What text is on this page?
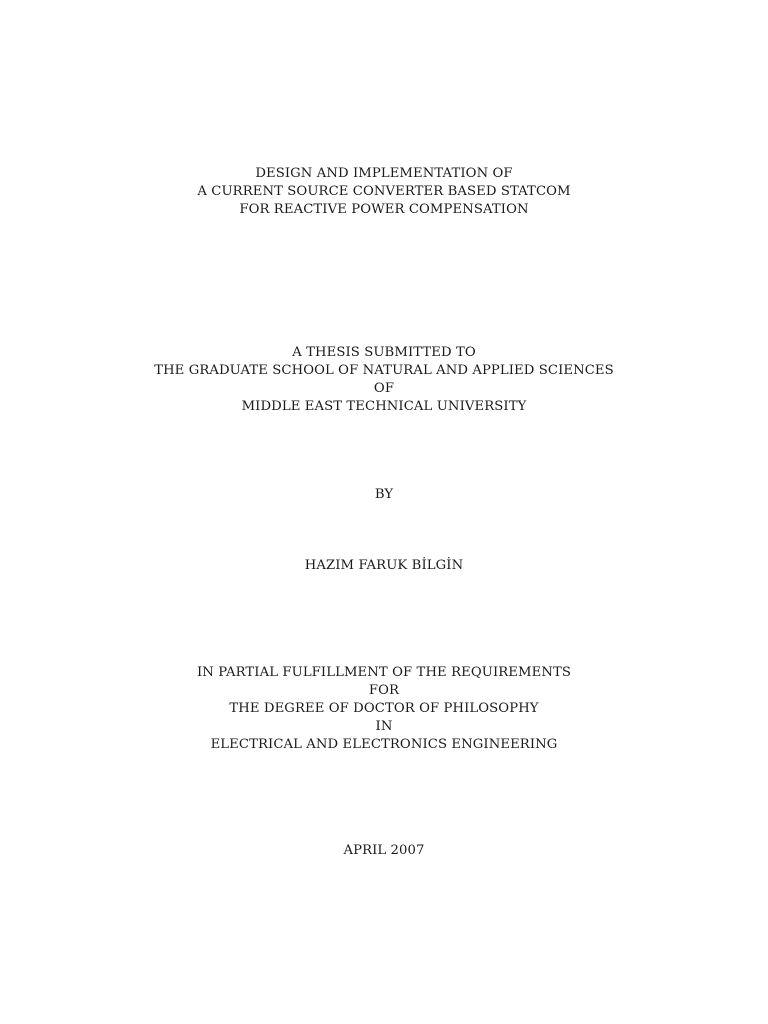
DESIGN AND IMPLEMENTATION OF
A CURRENT SOURCE CONVERTER BASED STATCOM
FOR REACTIVE POWER COMPENSATION
A THESIS SUBMITTED TO
THE GRADUATE SCHOOL OF NATURAL AND APPLIED SCIENCES
OF
MIDDLE EAST TECHNICAL UNIVERSITY
BY
HAZIM FARUK BİLGİN
IN PARTIAL FULFILLMENT OF THE REQUIREMENTS
FOR
THE DEGREE OF DOCTOR OF PHILOSOPHY
IN
ELECTRICAL AND ELECTRONICS ENGINEERING
APRIL 2007
